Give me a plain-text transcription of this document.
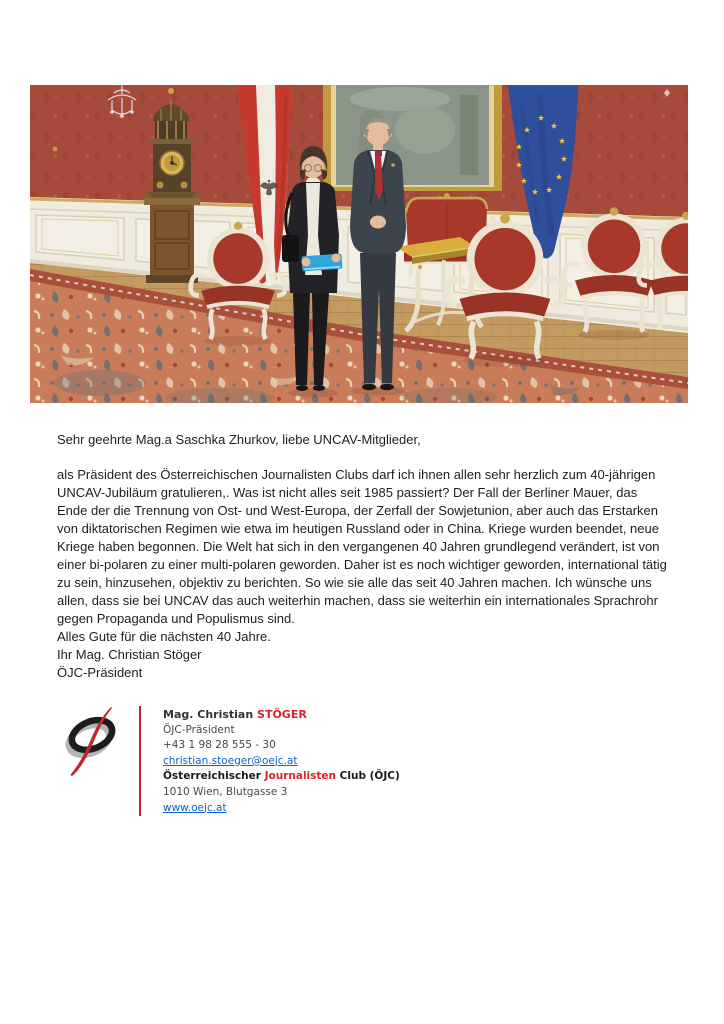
Sehr geehrte Mag.a Saschka Zhurkov, liebe UNCAV-Mitglieder,

als Präsident des Österreichischen Journalisten Clubs darf ich ihnen allen sehr herzlich zum 40-jährigen UNCAV-Jubiläum gratulieren,. Was ist nicht alles seit 1985 passiert? Der Fall der Berliner Mauer, das Ende der die Trennung von Ost- und West-Europa, der Zerfall der Sowjetunion, aber auch das Erstarken von diktatorischen Regimen wie etwa im heutigen Russland oder in China. Kriege wurden beendet, neue Kriege haben begonnen. Die Welt hat sich in den vergangenen 40 Jahren grundlegend verändert, ist von einer bi-polaren zu einer multi-polaren geworden. Daher ist es noch wichtiger geworden, international tätig zu sein, hinzusehen, objektiv zu berichten. So wie sie alle das seit 40 Jahren machen. Ich wünsche uns allen, dass sie bei UNCAV das auch weiterhin machen, dass sie weiterhin ein internationales Sprachrohr gegen Propaganda und Populismus sind.

Alles Gute für die nächsten 40 Jahre.
Ihr Mag. Christian Stöger
ÖJC-Präsident
Mag. Christian STÖGER
ÖJC-Präsident
+43 1 98 28 555 - 30
christian.stoeger@oejc.at
Österreichischer Journalisten Club (ÖJC)
1010 Wien, Blutgasse 3
www.oejc.at
